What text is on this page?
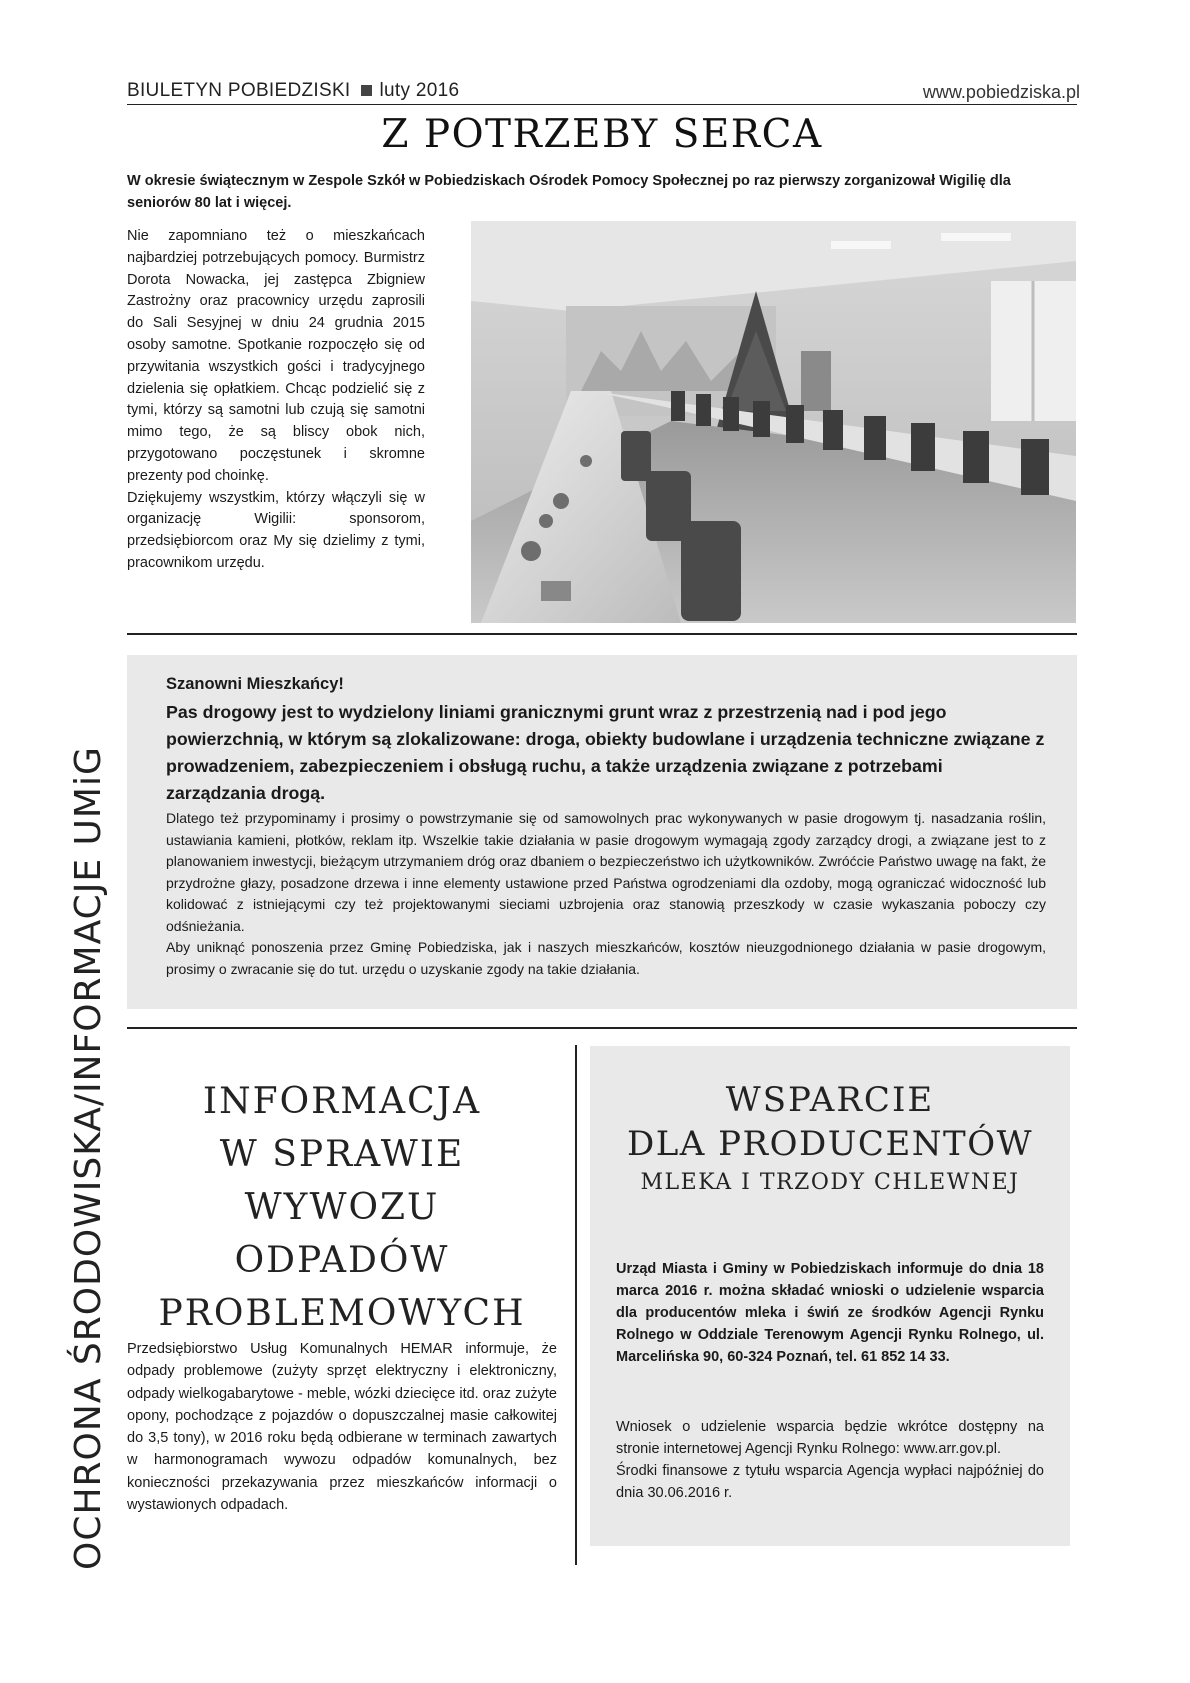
BIULETYN POBIEDZISKI luty 2016	www.pobiedziska.pl
OCHRONA ŚRODOWISKA/INFORMACJE UMiG
Z POTRZEBY SERCA
W okresie świątecznym w Zespole Szkół w Pobiedziskach Ośrodek Pomocy Społecznej po raz pierwszy zorganizował Wigilię dla seniorów 80 lat i więcej.

Nie zapomniano też o mieszkańcach najbardziej potrzebujących pomocy. Burmistrz Dorota Nowacka, jej zastępca Zbigniew Zastrożny oraz pracownicy urzędu zaprosili do Sali Sesyjnej w dniu 24 grudnia 2015 osoby samotne. Spotkanie rozpoczęło się od przywitania wszystkich gości i tradycyjnego dzielenia się opłatkiem. Chcąc podzielić się z tymi, którzy są samotni lub czują się samotni mimo tego, że są bliscy obok nich, przygotowano poczęstunek i skromne prezenty pod choinkę.

Dziękujemy wszystkim, którzy włączyli się w organizację Wigilii: sponsorom, przedsiębiorcom oraz My się dzielimy z tymi, pracownikom urzędu.

Szanowni Mieszkańcy!
Pas drogowy jest to wydzielony liniami granicznymi grunt wraz z przestrzenią nad i pod jego powierzchnią, w którym są zlokalizowane: droga, obiekty budowlane i urządzenia techniczne związane z prowadzeniem, zabezpieczeniem i obsługą ruchu, a także urządzenia związane z potrzebami zarządzania drogą.

Dlatego też przypominamy i prosimy o powstrzymanie się od samowolnych prac wykonywanych w pasie drogowym tj. nasadzania roślin, ustawiania kamieni, płotków, reklam itp. Wszelkie takie działania w pasie drogowym wymagają zgody zarządcy drogi, a związane jest to z planowaniem inwestycji, bieżącym utrzymaniem dróg oraz dbaniem o bezpieczeństwo ich użytkowników. Zwróćcie Państwo uwagę na fakt, że przydrożne głazy, posadzone drzewa i inne elementy ustawione przed Państwa ogrodzeniami dla ozdoby, mogą ograniczać widoczność lub kolidować z istniejącymi czy też projektowanymi sieciami uzbrojenia oraz stanowią przeszkody w czasie wykaszania poboczy czy odśnieżania.

Aby uniknąć ponoszenia przez Gminę Pobiedziska, jak i naszych mieszkańców, kosztów nieuzgodnionego działania w pasie drogowym, prosimy o zwracanie się do tut. urzędu o uzyskanie zgody na takie działania.

INFORMACJA
W SPRAWIE
WYWOZU
ODPADÓW
PROBLEMOWYCH
Przedsiębiorstwo Usług Komunalnych HEMAR informuje, że odpady problemowe (zużyty sprzęt elektryczny i elektroniczny, odpady wielkogabarytowe - meble, wózki dziecięce itd. oraz zużyte opony, pochodzące z pojazdów o dopuszczalnej masie całkowitej do 3,5 tony), w 2016 roku będą odbierane w terminach zawartych w harmonogramach wywozu odpadów komunalnych, bez konieczności przekazywania przez mieszkańców informacji o wystawionych odpadach.
WSPARCIE
DLA PRODUCENTÓW
MLEKA I TRZODY CHLEWNEJ
Urząd Miasta i Gminy w Pobiedziskach informuje do dnia 18 marca 2016 r. można składać wnioski o udzielenie wsparcia dla producentów mleka i świń ze środków Agencji Rynku Rolnego w Oddziale Terenowym Agencji Rynku Rolnego, ul. Marcelińska 90, 60-324 Poznań, tel. 61 852 14 33.

Wniosek o udzielenie wsparcia będzie wkrótce dostępny na stronie internetowej Agencji Rynku Rolnego: www.arr.gov.pl.

Środki finansowe z tytułu wsparcia Agencja wypłaci najpóźniej do dnia 30.06.2016 r.
